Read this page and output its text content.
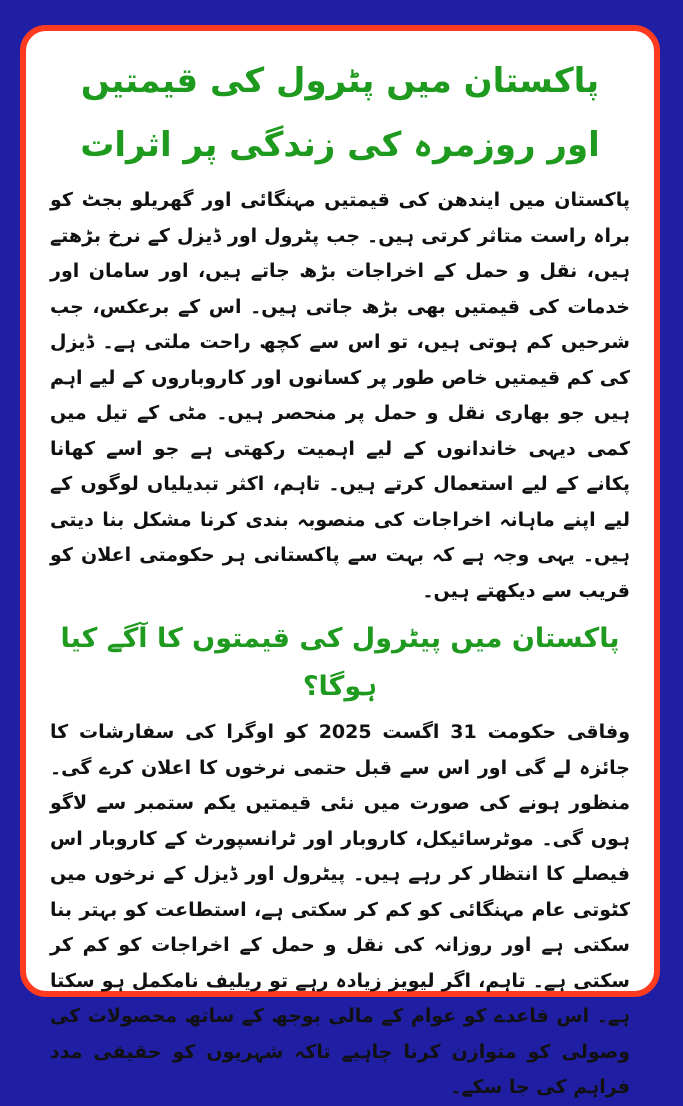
پاکستان میں پٹرول کی قیمتیں اور روزمرہ کی زندگی پر اثرات

پاکستان میں ایندھن کی قیمتیں مہنگائی اور گھریلو بجٹ کو براہ راست متاثر کرتی ہیں۔ جب پٹرول اور ڈیزل کے نرخ بڑھتے ہیں، نقل و حمل کے اخراجات بڑھ جاتے ہیں، اور سامان اور خدمات کی قیمتیں بھی بڑھ جاتی ہیں۔ اس کے برعکس، جب شرحیں کم ہوتی ہیں، تو اس سے کچھ راحت ملتی ہے۔ ڈیزل کی کم قیمتیں خاص طور پر کسانوں اور کاروباروں کے لیے اہم ہیں جو بھاری نقل و حمل پر منحصر ہیں۔ مٹی کے تیل میں کمی دیہی خاندانوں کے لیے اہمیت رکھتی ہے جو اسے کھانا پکانے کے لیے استعمال کرتے ہیں۔ تاہم، اکثر تبدیلیاں لوگوں کے لیے اپنے ماہانہ اخراجات کی منصوبہ بندی کرنا مشکل بنا دیتی ہیں۔ یہی وجہ ہے کہ بہت سے پاکستانی ہر حکومتی اعلان کو قریب سے دیکھتے ہیں۔

پاکستان میں پیٹرول کی قیمتوں کا آگے کیا ہوگا؟

وفاقی حکومت 31 اگست 2025 کو اوگرا کی سفارشات کا جائزہ لے گی اور اس سے قبل حتمی نرخوں کا اعلان کرے گی۔ منظور ہونے کی صورت میں نئی قیمتیں یکم ستمبر سے لاگو ہوں گی۔ موٹرسائیکل، کاروبار اور ٹرانسپورٹ کے کاروبار اس فیصلے کا انتظار کر رہے ہیں۔ پیٹرول اور ڈیزل کے نرخوں میں کٹوتی عام مہنگائی کو کم کر سکتی ہے، استطاعت کو بہتر بنا سکتی ہے اور روزانہ کی نقل و حمل کے اخراجات کو کم کر سکتی ہے۔ تاہم، اگر لیویز زیادہ رہے تو ریلیف نامکمل ہو سکتا ہے۔ اس قاعدے کو عوام کے مالی بوجھ کے ساتھ محصولات کی وصولی کو متوازن کرنا چاہیے تاکہ شہریوں کو حقیقی مدد فراہم کی جا سکے۔
